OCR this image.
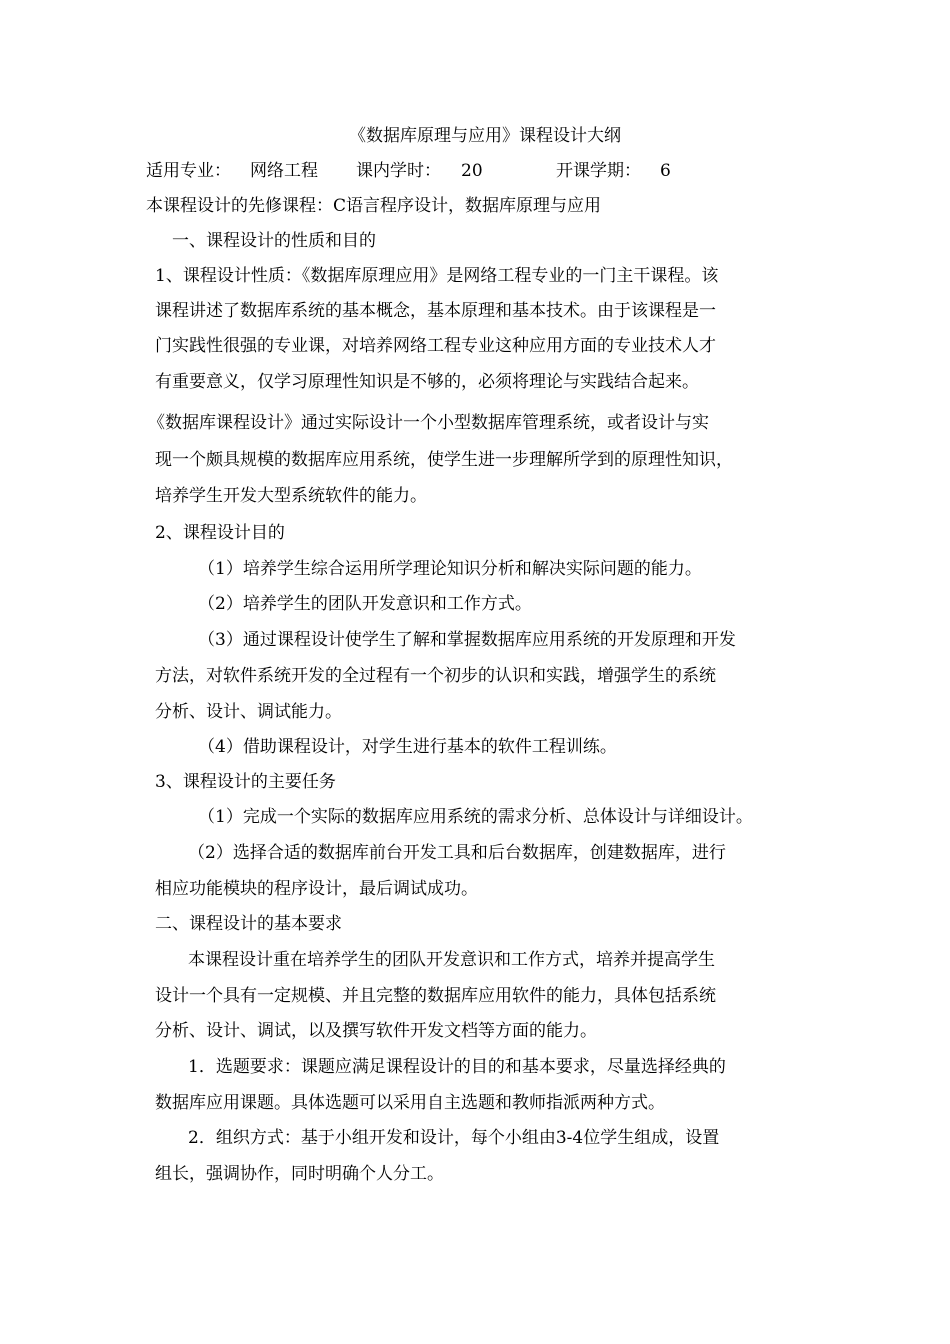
《数据库原理与应用》课程设计大纲
适用专业： 网络工程 课内学时： 20	开课学期： 6
本课程设计的先修课程：C语言程序设计，数据库原理与应用
一、课程设计的性质和目的
1、课程设计性质：《数据库原理应用》是网络工程专业的一门主干课程。该
课程讲述了数据库系统的基本概念，基本原理和基本技术。由于该课程是一
门实践性很强的专业课，对培养网络工程专业这种应用方面的专业技术人才
有重要意义，仅学习原理性知识是不够的，必须将理论与实践结合起来。
《数据库课程设计》通过实际设计一个小型数据库管理系统，或者设计与实
现一个颇具规模的数据库应用系统，使学生进一步理解所学到的原理性知识，
培养学生开发大型系统软件的能力。
2、课程设计目的
（1）培养学生综合运用所学理论知识分析和解决实际问题的能力。
（2）培养学生的团队开发意识和工作方式。
（3）通过课程设计使学生了解和掌握数据库应用系统的开发原理和开发
方法，对软件系统开发的全过程有一个初步的认识和实践，增强学生的系统
分析、设计、调试能力。
（4）借助课程设计，对学生进行基本的软件工程训练。
3、课程设计的主要任务
（1）完成一个实际的数据库应用系统的需求分析、总体设计与详细设计。
（2）选择合适的数据库前台开发工具和后台数据库，创建数据库，进行
相应功能模块的程序设计，最后调试成功。
二、课程设计的基本要求
本课程设计重在培养学生的团队开发意识和工作方式，培养并提高学生
设计一个具有一定规模、并且完整的数据库应用软件的能力，具体包括系统
分析、设计、调试，以及撰写软件开发文档等方面的能力。
1．选题要求：课题应满足课程设计的目的和基本要求，尽量选择经典的
数据库应用课题。具体选题可以采用自主选题和教师指派两种方式。
2．组织方式：基于小组开发和设计，每个小组由3-4位学生组成，设置
组长，强调协作，同时明确个人分工。
